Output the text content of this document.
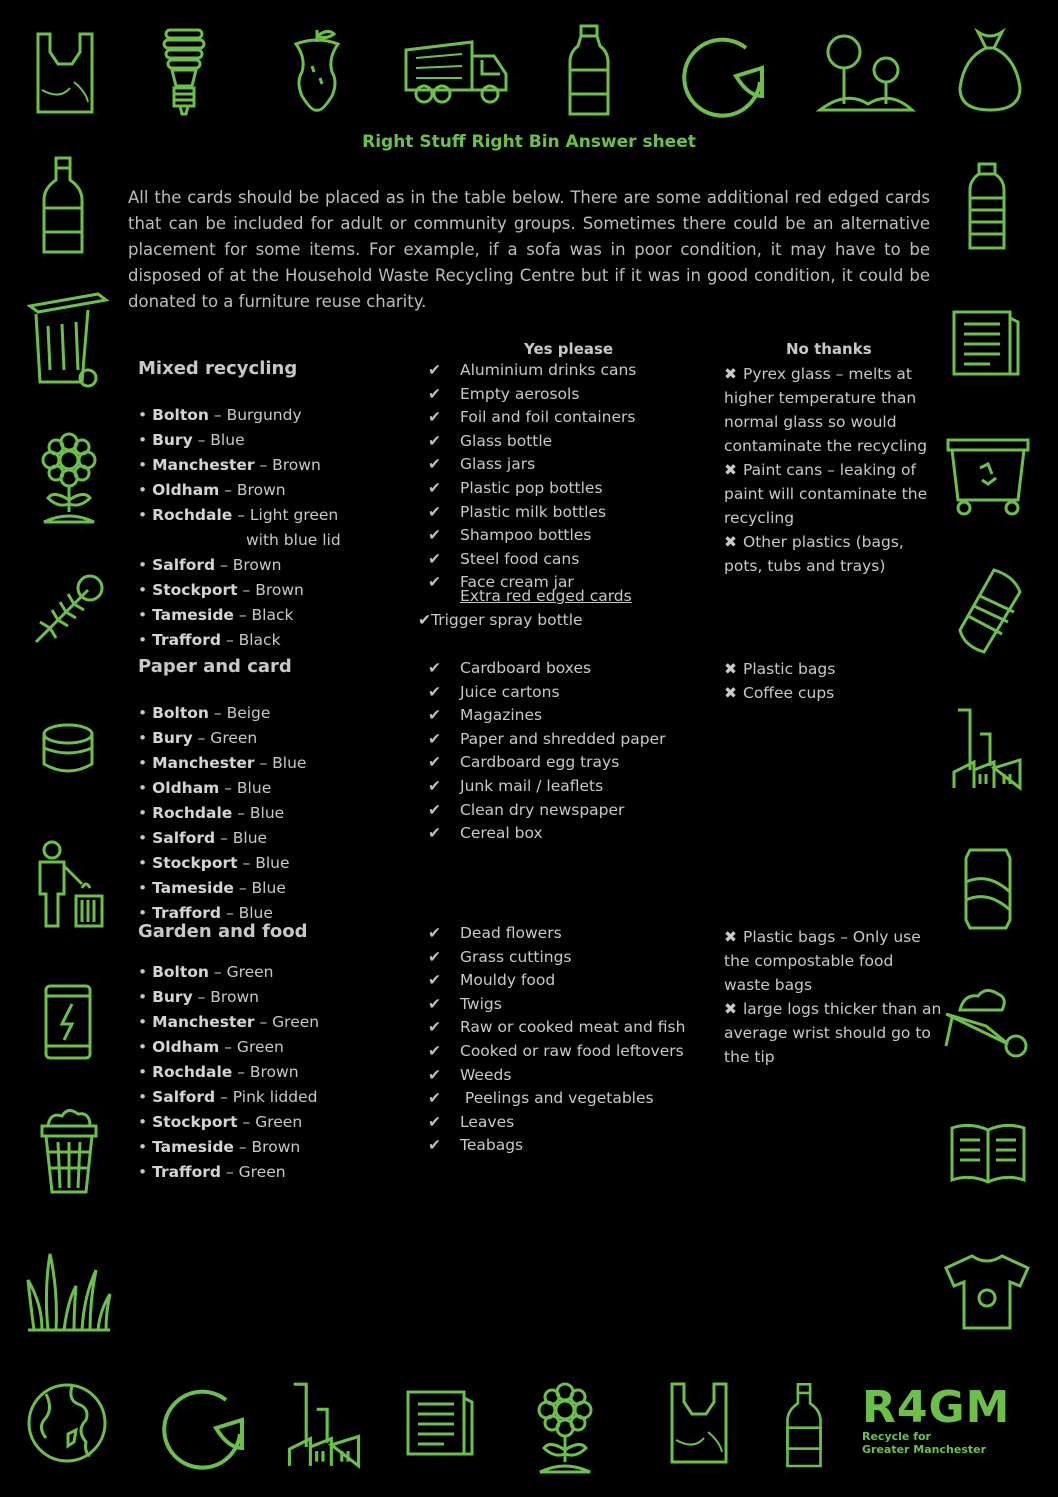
R4GM
Recycle for
Greater Manchester
Right Stuff Right Bin Answer sheet
All the cards should be placed as in the table below. There are some additional red edged cards that can be included for adult or community groups. Sometimes there could be an alternative placement for some items. For example, if a sofa was in poor condition, it may have to be disposed of at the Household Waste Recycling Centre but if it was in good condition, it could be donated to a furniture reuse charity.
Yes please	No thanks
Mixed recycling
Paper and card
Garden and food
• Bolton – Burgundy
• Bury – Blue
• Manchester – Brown
• Oldham – Brown
• Rochdale – Light green
with blue lid
• Salford – Brown
• Stockport – Brown
• Tameside – Black
• Trafford – Black
• Bolton – Beige
• Bury – Green
• Manchester – Blue
• Oldham – Blue
• Rochdale – Blue
• Salford – Blue
• Stockport – Blue
• Tameside – Blue
• Trafford – Blue
• Bolton – Green
• Bury – Brown
• Manchester – Green
• Oldham – Green
• Rochdale – Brown
• Salford – Pink lidded
• Stockport – Green
• Tameside – Brown
• Trafford – Green
✔ Aluminium drinks cans
✔ Empty aerosols
✔ Foil and foil containers
✔ Glass bottle
✔ Glass jars
✔ Plastic pop bottles
✔ Plastic milk bottles
✔ Shampoo bottles
✔ Steel food cans
✔ Face cream jar
Extra red edged cards
✔Trigger spray bottle
✔ Cardboard boxes
✔ Juice cartons
✔ Magazines
✔ Paper and shredded paper
✔ Cardboard egg trays
✔ Junk mail / leaflets
✔ Clean dry newspaper
✔ Cereal box
✔ Dead flowers
✔ Grass cuttings
✔ Mouldy food
✔ Twigs
✔ Raw or cooked meat and fish
✔ Cooked or raw food leftovers
✔ Weeds
✔ Peelings and vegetables
✔ Leaves
✔ Teabags
✖ Pyrex glass – melts at higher temperature than normal glass so would contaminate the recycling
✖ Paint cans – leaking of paint will contaminate the recycling
✖ Other plastics (bags, pots, tubs and trays)
✖ Plastic bags
✖ Coffee cups
✖ Plastic bags – Only use the compostable food waste bags
✖ large logs thicker than an average wrist should go to the tip
